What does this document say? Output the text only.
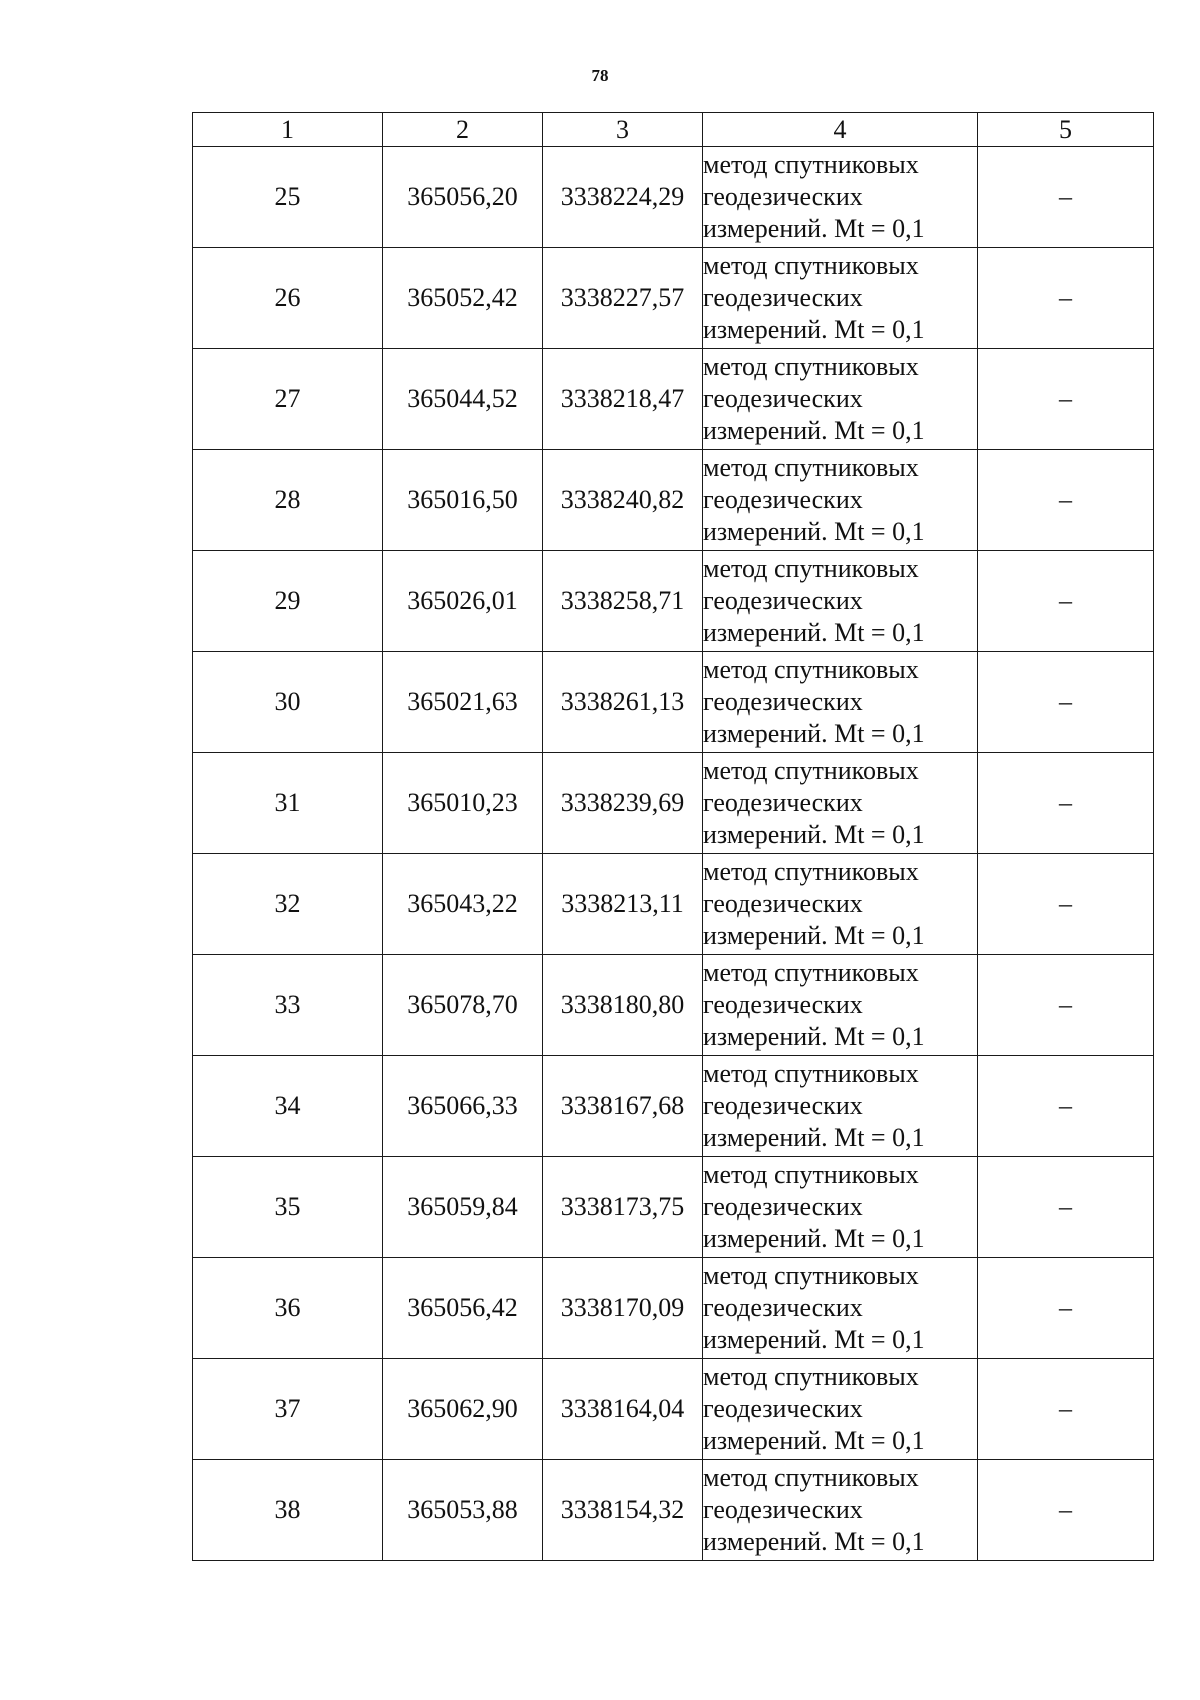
78
1	2	3	4	5
25	365056,20	3338224,29	метод спутниковых
геодезических
измерений. Mt = 0,1	–
26	365052,42	3338227,57	метод спутниковых
геодезических
измерений. Mt = 0,1	–
27	365044,52	3338218,47	метод спутниковых
геодезических
измерений. Mt = 0,1	–
28	365016,50	3338240,82	метод спутниковых
геодезических
измерений. Mt = 0,1	–
29	365026,01	3338258,71	метод спутниковых
геодезических
измерений. Mt = 0,1	–
30	365021,63	3338261,13	метод спутниковых
геодезических
измерений. Mt = 0,1	–
31	365010,23	3338239,69	метод спутниковых
геодезических
измерений. Mt = 0,1	–
32	365043,22	3338213,11	метод спутниковых
геодезических
измерений. Mt = 0,1	–
33	365078,70	3338180,80	метод спутниковых
геодезических
измерений. Mt = 0,1	–
34	365066,33	3338167,68	метод спутниковых
геодезических
измерений. Mt = 0,1	–
35	365059,84	3338173,75	метод спутниковых
геодезических
измерений. Mt = 0,1	–
36	365056,42	3338170,09	метод спутниковых
геодезических
измерений. Mt = 0,1	–
37	365062,90	3338164,04	метод спутниковых
геодезических
измерений. Mt = 0,1	–
38	365053,88	3338154,32	метод спутниковых
геодезических
измерений. Mt = 0,1	–
